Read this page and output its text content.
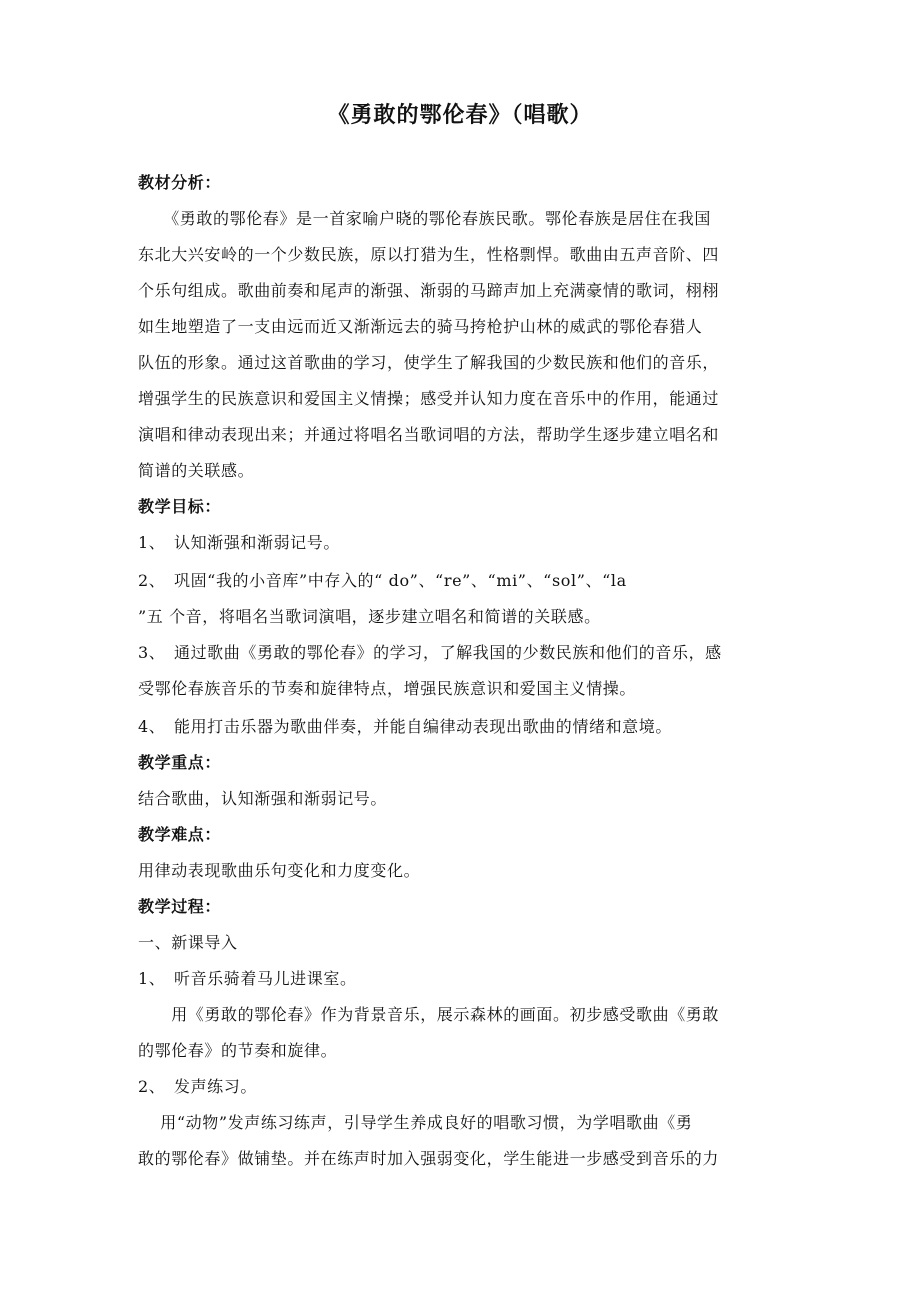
《勇敢的鄂伦春》（唱歌）
教材分析：
　　《勇敢的鄂伦春》是一首家喻户晓的鄂伦春族民歌。鄂伦春族是居住在我国
东北大兴安岭的一个少数民族，原以打猎为生，性格剽悍。歌曲由五声音阶、四
个乐句组成。歌曲前奏和尾声的渐强、渐弱的马蹄声加上充满豪情的歌词，栩栩
如生地塑造了一支由远而近又渐渐远去的骑马挎枪护山林的威武的鄂伦春猎人
队伍的形象。通过这首歌曲的学习，使学生了解我国的少数民族和他们的音乐，
增强学生的民族意识和爱国主义情操；感受并认知力度在音乐中的作用，能通过
演唱和律动表现出来；并通过将唱名当歌词唱的方法，帮助学生逐步建立唱名和
简谱的关联感。
教学目标：
1、　认知渐强和渐弱记号。
2、　巩固“我的小音库”中存入的“ do”、“re”、“mi”、“sol”、“la
”五 个音，将唱名当歌词演唱，逐步建立唱名和简谱的关联感。
3、　通过歌曲《勇敢的鄂伦春》的学习，了解我国的少数民族和他们的音乐，感
受鄂伦春族音乐的节奏和旋律特点，增强民族意识和爱国主义情操。
4、　能用打击乐器为歌曲伴奏，并能自编律动表现出歌曲的情绪和意境。
教学重点：
结合歌曲，认知渐强和渐弱记号。
教学难点：
用律动表现歌曲乐句变化和力度变化。
教学过程：
一、新课导入
1、　听音乐骑着马儿进课室。
　　用《勇敢的鄂伦春》作为背景音乐，展示森林的画面。初步感受歌曲《勇敢
的鄂伦春》的节奏和旋律。
2、　发声练习。
　 用“动物”发声练习练声，引导学生养成良好的唱歌习惯，为学唱歌曲《勇
敢的鄂伦春》做铺垫。并在练声时加入强弱变化，学生能进一步感受到音乐的力
